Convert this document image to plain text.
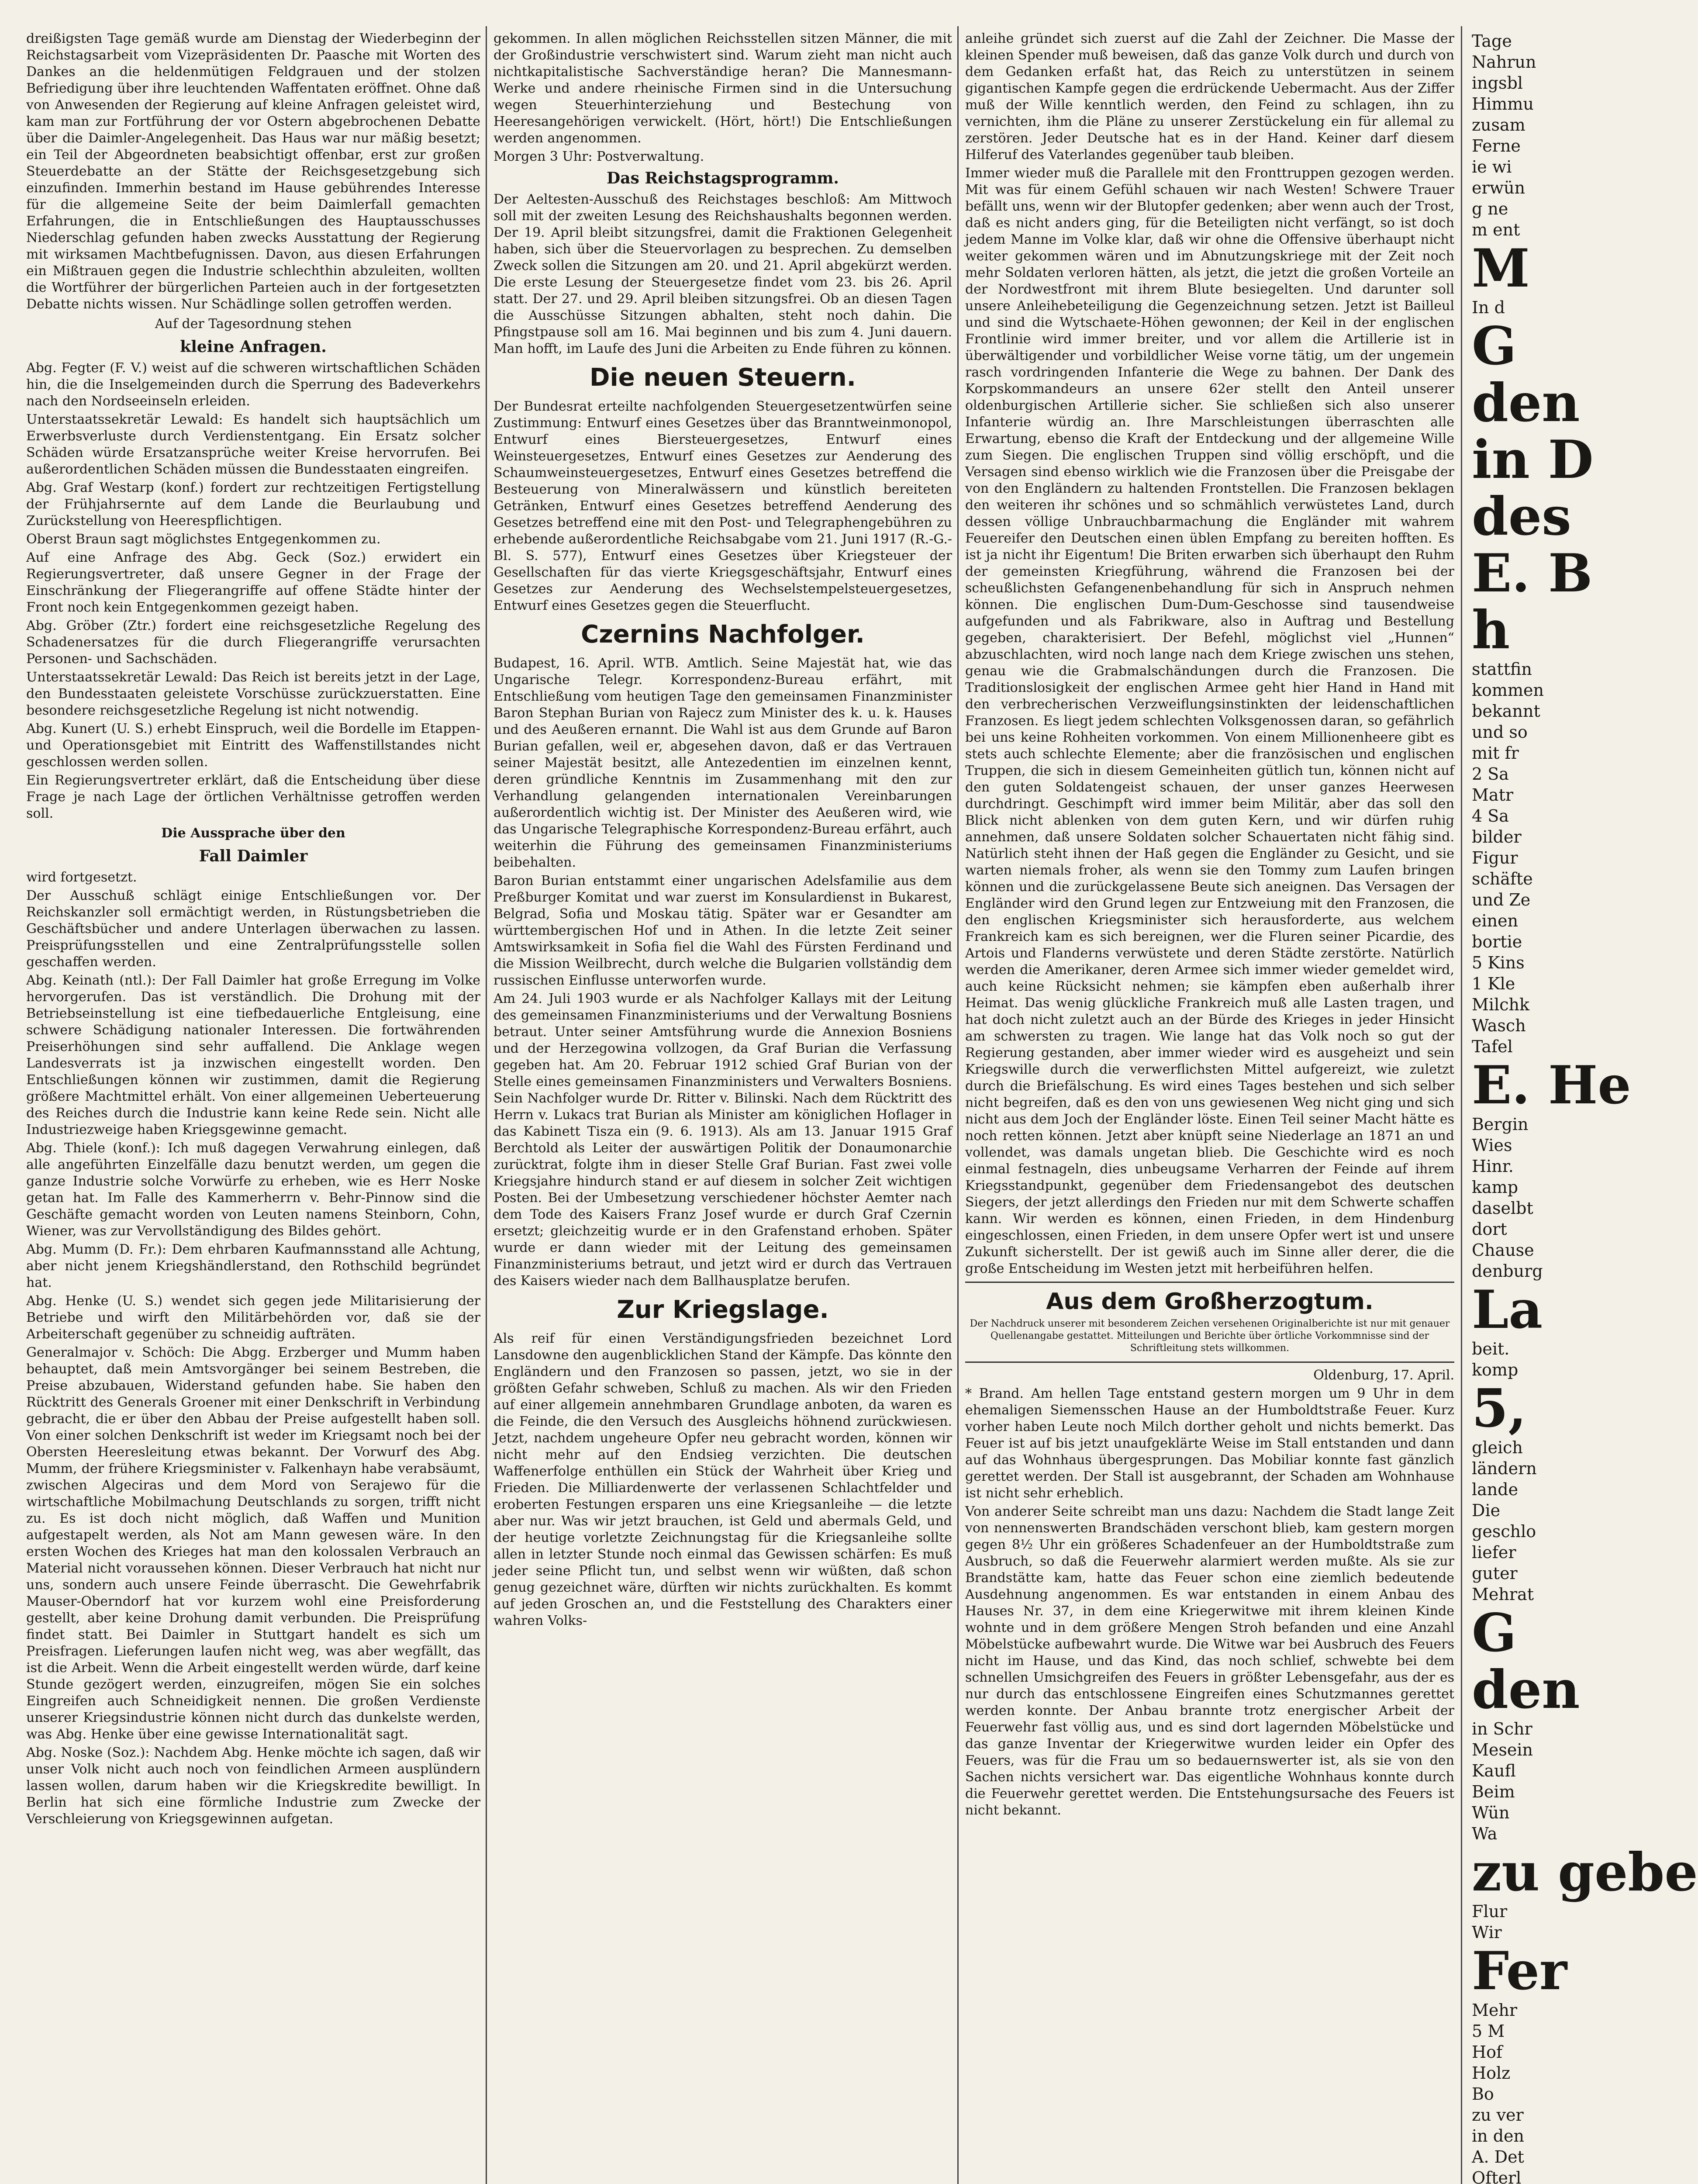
dreißigsten Tage gemäß wurde am Dienstag der Wiederbeginn der Reichstagsarbeit vom Vizepräsidenten Dr. Paasche mit Worten des Dankes an die heldenmütigen Feldgrauen und der stolzen Befriedigung über ihre leuchtenden Waffentaten eröffnet. Ohne daß von Anwesenden der Regierung auf kleine Anfragen geleistet wird, kam man zur Fortführung der vor Ostern abgebrochenen Debatte über die Daimler-Angelegenheit. Das Haus war nur mäßig besetzt; ein Teil der Abgeordneten beabsichtigt offenbar, erst zur großen Steuerdebatte an der Stätte der Reichsgesetzgebung sich einzufinden. Immerhin bestand im Hause gebührendes Interesse für die allgemeine Seite der beim Daimlerfall gemachten Erfahrungen, die in Entschließungen des Hauptausschusses Niederschlag gefunden haben zwecks Ausstattung der Regierung mit wirksamen Machtbefugnissen. Davon, aus diesen Erfahrungen ein Mißtrauen gegen die Industrie schlechthin abzuleiten, wollten die Wortführer der bürgerlichen Parteien auch in der fortgesetzten Debatte nichts wissen. Nur Schädlinge sollen getroffen werden.

Auf der Tagesordnung stehen

kleine Anfragen.

Abg. Fegter (F. V.) weist auf die schweren wirtschaftlichen Schäden hin, die die Inselgemeinden durch die Sperrung des Badeverkehrs nach den Nordseeinseln erleiden.

Unterstaatssekretär Lewald: Es handelt sich hauptsächlich um Erwerbsverluste durch Verdienstentgang. Ein Ersatz solcher Schäden würde Ersatzansprüche weiter Kreise hervorrufen. Bei außerordentlichen Schäden müssen die Bundesstaaten eingreifen.

Abg. Graf Westarp (konf.) fordert zur rechtzeitigen Fertigstellung der Frühjahrsernte auf dem Lande die Beurlaubung und Zurückstellung von Heerespflichtigen.

Oberst Braun sagt möglichstes Entgegenkommen zu.

Auf eine Anfrage des Abg. Geck (Soz.) erwidert ein Regierungsvertreter, daß unsere Gegner in der Frage der Einschränkung der Fliegerangriffe auf offene Städte hinter der Front noch kein Entgegenkommen gezeigt haben.

Abg. Gröber (Ztr.) fordert eine reichsgesetzliche Regelung des Schadenersatzes für die durch Fliegerangriffe verursachten Personen- und Sachschäden.

Unterstaatssekretär Lewald: Das Reich ist bereits jetzt in der Lage, den Bundesstaaten geleistete Vorschüsse zurückzuerstatten. Eine besondere reichsgesetzliche Regelung ist nicht notwendig.

Abg. Kunert (U. S.) erhebt Einspruch, weil die Bordelle im Etappen- und Operationsgebiet mit Eintritt des Waffenstillstandes nicht geschlossen werden sollen.

Ein Regierungsvertreter erklärt, daß die Entscheidung über diese Frage je nach Lage der örtlichen Verhältnisse getroffen werden soll.

Die Aussprache über den

Fall Daimler

wird fortgesetzt.

Der Ausschuß schlägt einige Entschließungen vor. Der Reichskanzler soll ermächtigt werden, in Rüstungsbetrieben die Geschäftsbücher und andere Unterlagen überwachen zu lassen. Preisprüfungsstellen und eine Zentralprüfungsstelle sollen geschaffen werden.

Abg. Keinath (ntl.): Der Fall Daimler hat große Erregung im Volke hervorgerufen. Das ist verständlich. Die Drohung mit der Betriebseinstellung ist eine tiefbedauerliche Entgleisung, eine schwere Schädigung nationaler Interessen. Die fortwährenden Preiserhöhungen sind sehr auffallend. Die Anklage wegen Landesverrats ist ja inzwischen eingestellt worden. Den Entschließungen können wir zustimmen, damit die Regierung größere Machtmittel erhält. Von einer allgemeinen Ueberteuerung des Reiches durch die Industrie kann keine Rede sein. Nicht alle Industriezweige haben Kriegsgewinne gemacht.

Abg. Thiele (konf.): Ich muß dagegen Verwahrung einlegen, daß alle angeführten Einzelfälle dazu benutzt werden, um gegen die ganze Industrie solche Vorwürfe zu erheben, wie es Herr Noske getan hat. Im Falle des Kammerherrn v. Behr-Pinnow sind die Geschäfte gemacht worden von Leuten namens Steinborn, Cohn, Wiener, was zur Vervollständigung des Bildes gehört.

Abg. Mumm (D. Fr.): Dem ehrbaren Kaufmannsstand alle Achtung, aber nicht jenem Kriegshändlerstand, den Rothschild begründet hat.

Abg. Henke (U. S.) wendet sich gegen jede Militarisierung der Betriebe und wirft den Militärbehörden vor, daß sie der Arbeiterschaft gegenüber zu schneidig aufträten.

Generalmajor v. Schöch: Die Abgg. Erzberger und Mumm haben behauptet, daß mein Amtsvorgänger bei seinem Bestreben, die Preise abzubauen, Widerstand gefunden habe. Sie haben den Rücktritt des Generals Groener mit einer Denkschrift in Verbindung gebracht, die er über den Abbau der Preise aufgestellt haben soll. Von einer solchen Denkschrift ist weder im Kriegsamt noch bei der Obersten Heeresleitung etwas bekannt. Der Vorwurf des Abg. Mumm, der frühere Kriegsminister v. Falkenhayn habe verabsäumt, zwischen Algeciras und dem Mord von Serajewo für die wirtschaftliche Mobilmachung Deutschlands zu sorgen, trifft nicht zu. Es ist doch nicht möglich, daß Waffen und Munition aufgestapelt werden, als Not am Mann gewesen wäre. In den ersten Wochen des Krieges hat man den kolossalen Verbrauch an Material nicht voraussehen können. Dieser Verbrauch hat nicht nur uns, sondern auch unsere Feinde überrascht. Die Gewehrfabrik Mauser-Oberndorf hat vor kurzem wohl eine Preisforderung gestellt, aber keine Drohung damit verbunden. Die Preisprüfung findet statt. Bei Daimler in Stuttgart handelt es sich um Preisfragen. Lieferungen laufen nicht weg, was aber wegfällt, das ist die Arbeit. Wenn die Arbeit eingestellt werden würde, darf keine Stunde gezögert werden, einzugreifen, mögen Sie ein solches Eingreifen auch Schneidigkeit nennen. Die großen Verdienste unserer Kriegsindustrie können nicht durch das dunkelste werden, was Abg. Henke über eine gewisse Internationalität sagt.

Abg. Noske (Soz.): Nachdem Abg. Henke möchte ich sagen, daß wir unser Volk nicht auch noch von feindlichen Armeen ausplündern lassen wollen, darum haben wir die Kriegskredite bewilligt. In Berlin hat sich eine förmliche Industrie zum Zwecke der Verschleierung von Kriegsgewinnen aufgetan.

gekommen. In allen möglichen Reichsstellen sitzen Männer, die mit der Großindustrie verschwistert sind. Warum zieht man nicht auch nichtkapitalistische Sachverständige heran? Die Mannesmann-Werke und andere rheinische Firmen sind in die Untersuchung wegen Steuerhinterziehung und Bestechung von Heeresangehörigen verwickelt. (Hört, hört!) Die Entschließungen werden angenommen.

Morgen 3 Uhr: Postverwaltung.

Das Reichstagsprogramm.

Der Aeltesten-Ausschuß des Reichstages beschloß: Am Mittwoch soll mit der zweiten Lesung des Reichshaushalts begonnen werden. Der 19. April bleibt sitzungsfrei, damit die Fraktionen Gelegenheit haben, sich über die Steuervorlagen zu besprechen. Zu demselben Zweck sollen die Sitzungen am 20. und 21. April abgekürzt werden. Die erste Lesung der Steuergesetze findet vom 23. bis 26. April statt. Der 27. und 29. April bleiben sitzungsfrei. Ob an diesen Tagen die Ausschüsse Sitzungen abhalten, steht noch dahin. Die Pfingstpause soll am 16. Mai beginnen und bis zum 4. Juni dauern. Man hofft, im Laufe des Juni die Arbeiten zu Ende führen zu können.

Die neuen Steuern.

Der Bundesrat erteilte nachfolgenden Steuergesetzentwürfen seine Zustimmung: Entwurf eines Gesetzes über das Branntweinmonopol, Entwurf eines Biersteuergesetzes, Entwurf eines Weinsteuergesetzes, Entwurf eines Gesetzes zur Aenderung des Schaumweinsteuergesetzes, Entwurf eines Gesetzes betreffend die Besteuerung von Mineralwässern und künstlich bereiteten Getränken, Entwurf eines Gesetzes betreffend Aenderung des Gesetzes betreffend eine mit den Post- und Telegraphengebühren zu erhebende außerordentliche Reichsabgabe vom 21. Juni 1917 (R.-G.-Bl. S. 577), Entwurf eines Gesetzes über Kriegsteuer der Gesellschaften für das vierte Kriegsgeschäftsjahr, Entwurf eines Gesetzes zur Aenderung des Wechselstempelsteuergesetzes, Entwurf eines Gesetzes gegen die Steuerflucht.

Czernins Nachfolger.

Budapest, 16. April. WTB. Amtlich. Seine Majestät hat, wie das Ungarische Telegr. Korrespondenz-Bureau erfährt, mit Entschließung vom heutigen Tage den gemeinsamen Finanzminister Baron Stephan Burian von Rajecz zum Minister des k. u. k. Hauses und des Aeußeren ernannt. Die Wahl ist aus dem Grunde auf Baron Burian gefallen, weil er, abgesehen davon, daß er das Vertrauen seiner Majestät besitzt, alle Antezedentien im einzelnen kennt, deren gründliche Kenntnis im Zusammenhang mit den zur Verhandlung gelangenden internationalen Vereinbarungen außerordentlich wichtig ist. Der Minister des Aeußeren wird, wie das Ungarische Telegraphische Korrespondenz-Bureau erfährt, auch weiterhin die Führung des gemeinsamen Finanzministeriums beibehalten.

Baron Burian entstammt einer ungarischen Adelsfamilie aus dem Preßburger Komitat und war zuerst im Konsulardienst in Bukarest, Belgrad, Sofia und Moskau tätig. Später war er Gesandter am württembergischen Hof und in Athen. In die letzte Zeit seiner Amtswirksamkeit in Sofia fiel die Wahl des Fürsten Ferdinand und die Mission Weilbrecht, durch welche die Bulgarien vollständig dem russischen Einflusse unterworfen wurde.

Am 24. Juli 1903 wurde er als Nachfolger Kallays mit der Leitung des gemeinsamen Finanzministeriums und der Verwaltung Bosniens betraut. Unter seiner Amtsführung wurde die Annexion Bosniens und der Herzegowina vollzogen, da Graf Burian die Verfassung gegeben hat. Am 20. Februar 1912 schied Graf Burian von der Stelle eines gemeinsamen Finanzministers und Verwalters Bosniens. Sein Nachfolger wurde Dr. Ritter v. Bilinski. Nach dem Rücktritt des Herrn v. Lukacs trat Burian als Minister am königlichen Hoflager in das Kabinett Tisza ein (9. 6. 1913). Als am 13. Januar 1915 Graf Berchtold als Leiter der auswärtigen Politik der Donaumonarchie zurücktrat, folgte ihm in dieser Stelle Graf Burian. Fast zwei volle Kriegsjahre hindurch stand er auf diesem in solcher Zeit wichtigen Posten. Bei der Umbesetzung verschiedener höchster Aemter nach dem Tode des Kaisers Franz Josef wurde er durch Graf Czernin ersetzt; gleichzeitig wurde er in den Grafenstand erhoben. Später wurde er dann wieder mit der Leitung des gemeinsamen Finanzministeriums betraut, und jetzt wird er durch das Vertrauen des Kaisers wieder nach dem Ballhausplatze berufen.

Zur Kriegslage.

Als reif für einen Verständigungsfrieden bezeichnet Lord Lansdowne den augenblicklichen Stand der Kämpfe. Das könnte den Engländern und den Franzosen so passen, jetzt, wo sie in der größten Gefahr schweben, Schluß zu machen. Als wir den Frieden auf einer allgemein annehmbaren Grundlage anboten, da waren es die Feinde, die den Versuch des Ausgleichs höhnend zurückwiesen. Jetzt, nachdem ungeheure Opfer neu gebracht worden, können wir nicht mehr auf den Endsieg verzichten. Die deutschen Waffenerfolge enthüllen ein Stück der Wahrheit über Krieg und Frieden. Die Milliardenwerte der verlassenen Schlachtfelder und eroberten Festungen ersparen uns eine Kriegsanleihe — die letzte aber nur. Was wir jetzt brauchen, ist Geld und abermals Geld, und der heutige vorletzte Zeichnungstag für die Kriegsanleihe sollte allen in letzter Stunde noch einmal das Gewissen schärfen: Es muß jeder seine Pflicht tun, und selbst wenn wir wüßten, daß schon genug gezeichnet wäre, dürften wir nichts zurückhalten. Es kommt auf jeden Groschen an, und die Feststellung des Charakters einer wahren Volks-

anleihe gründet sich zuerst auf die Zahl der Zeichner. Die Masse der kleinen Spender muß beweisen, daß das ganze Volk durch und durch von dem Gedanken erfaßt hat, das Reich zu unterstützen in seinem gigantischen Kampfe gegen die erdrückende Uebermacht. Aus der Ziffer muß der Wille kenntlich werden, den Feind zu schlagen, ihn zu vernichten, ihm die Pläne zu unserer Zerstückelung ein für allemal zu zerstören. Jeder Deutsche hat es in der Hand. Keiner darf diesem Hilferuf des Vaterlandes gegenüber taub bleiben.

Immer wieder muß die Parallele mit den Fronttruppen gezogen werden. Mit was für einem Gefühl schauen wir nach Westen! Schwere Trauer befällt uns, wenn wir der Blutopfer gedenken; aber wenn auch der Trost, daß es nicht anders ging, für die Beteiligten nicht verfängt, so ist doch jedem Manne im Volke klar, daß wir ohne die Offensive überhaupt nicht weiter gekommen wären und im Abnutzungskriege mit der Zeit noch mehr Soldaten verloren hätten, als jetzt, die jetzt die großen Vorteile an der Nordwestfront mit ihrem Blute besiegelten. Und darunter soll unsere Anleihebeteiligung die Gegenzeichnung setzen. Jetzt ist Bailleul und sind die Wytschaete-Höhen gewonnen; der Keil in der englischen Frontlinie wird immer breiter, und vor allem die Artillerie ist in überwältigender und vorbildlicher Weise vorne tätig, um der ungemein rasch vordringenden Infanterie die Wege zu bahnen. Der Dank des Korpskommandeurs an unsere 62er stellt den Anteil unserer oldenburgischen Artillerie sicher. Sie schließen sich also unserer Infanterie würdig an. Ihre Marschleistungen überraschten alle Erwartung, ebenso die Kraft der Entdeckung und der allgemeine Wille zum Siegen. Die englischen Truppen sind völlig erschöpft, und die Versagen sind ebenso wirklich wie die Franzosen über die Preisgabe der von den Engländern zu haltenden Frontstellen. Die Franzosen beklagen den weiteren ihr schönes und so schmählich verwüstetes Land, durch dessen völlige Unbrauchbarmachung die Engländer mit wahrem Feuereifer den Deutschen einen üblen Empfang zu bereiten hofften. Es ist ja nicht ihr Eigentum! Die Briten erwarben sich überhaupt den Ruhm der gemeinsten Kriegführung, während die Franzosen bei der scheußlichsten Gefangenenbehandlung für sich in Anspruch nehmen können. Die englischen Dum-Dum-Geschosse sind tausendweise aufgefunden und als Fabrikware, also in Auftrag und Bestellung gegeben, charakterisiert. Der Befehl, möglichst viel „Hunnen“ abzuschlachten, wird noch lange nach dem Kriege zwischen uns stehen, genau wie die Grabmalschändungen durch die Franzosen. Die Traditionslosigkeit der englischen Armee geht hier Hand in Hand mit den verbrecherischen Verzweiflungsinstinkten der leidenschaftlichen Franzosen. Es liegt jedem schlechten Volksgenossen daran, so gefährlich bei uns keine Rohheiten vorkommen. Von einem Millionenheere gibt es stets auch schlechte Elemente; aber die französischen und englischen Truppen, die sich in diesem Gemeinheiten gütlich tun, können nicht auf den guten Soldatengeist schauen, der unser ganzes Heerwesen durchdringt. Geschimpft wird immer beim Militär, aber das soll den Blick nicht ablenken von dem guten Kern, und wir dürfen ruhig annehmen, daß unsere Soldaten solcher Schauertaten nicht fähig sind. Natürlich steht ihnen der Haß gegen die Engländer zu Gesicht, und sie warten niemals froher, als wenn sie den Tommy zum Laufen bringen können und die zurückgelassene Beute sich aneignen. Das Versagen der Engländer wird den Grund legen zur Entzweiung mit den Franzosen, die den englischen Kriegsminister sich herausforderte, aus welchem Frankreich kam es sich bereignen, wer die Fluren seiner Picardie, des Artois und Flanderns verwüstete und deren Städte zerstörte. Natürlich werden die Amerikaner, deren Armee sich immer wieder gemeldet wird, auch keine Rücksicht nehmen; sie kämpfen eben außerhalb ihrer Heimat. Das wenig glückliche Frankreich muß alle Lasten tragen, und hat doch nicht zuletzt auch an der Bürde des Krieges in jeder Hinsicht am schwersten zu tragen. Wie lange hat das Volk noch so gut der Regierung gestanden, aber immer wieder wird es ausgeheizt und sein Kriegswille durch die verwerflichsten Mittel aufgereizt, wie zuletzt durch die Briefälschung. Es wird eines Tages bestehen und sich selber nicht begreifen, daß es den von uns gewiesenen Weg nicht ging und sich nicht aus dem Joch der Engländer löste. Einen Teil seiner Macht hätte es noch retten können. Jetzt aber knüpft seine Niederlage an 1871 an und vollendet, was damals ungetan blieb. Die Geschichte wird es noch einmal festnageln, dies unbeugsame Verharren der Feinde auf ihrem Kriegsstandpunkt, gegenüber dem Friedensangebot des deutschen Siegers, der jetzt allerdings den Frieden nur mit dem Schwerte schaffen kann. Wir werden es können, einen Frieden, in dem Hindenburg eingeschlossen, einen Frieden, in dem unsere Opfer wert ist und unsere Zukunft sicherstellt. Der ist gewiß auch im Sinne aller derer, die die große Entscheidung im Westen jetzt mit herbeiführen helfen.

Aus dem Großherzogtum.

Der Nachdruck unserer mit besonderem Zeichen versehenen Originalberichte ist nur mit genauer Quellenangabe gestattet. Mitteilungen und Berichte über örtliche Vorkommnisse sind der Schriftleitung stets willkommen.

Oldenburg, 17. April.

* Brand. Am hellen Tage entstand gestern morgen um 9 Uhr in dem ehemaligen Siemensschen Hause an der Humboldtstraße Feuer. Kurz vorher haben Leute noch Milch dorther geholt und nichts bemerkt. Das Feuer ist auf bis jetzt unaufgeklärte Weise im Stall entstanden und dann auf das Wohnhaus übergesprungen. Das Mobiliar konnte fast gänzlich gerettet werden. Der Stall ist ausgebrannt, der Schaden am Wohnhause ist nicht sehr erheblich.

Von anderer Seite schreibt man uns dazu: Nachdem die Stadt lange Zeit von nennenswerten Brandschäden verschont blieb, kam gestern morgen gegen 8½ Uhr ein größeres Schadenfeuer an der Humboldtstraße zum Ausbruch, so daß die Feuerwehr alarmiert werden mußte. Als sie zur Brandstätte kam, hatte das Feuer schon eine ziemlich bedeutende Ausdehnung angenommen. Es war entstanden in einem Anbau des Hauses Nr. 37, in dem eine Kriegerwitwe mit ihrem kleinen Kinde wohnte und in dem größere Mengen Stroh befanden und eine Anzahl Möbelstücke aufbewahrt wurde. Die Witwe war bei Ausbruch des Feuers nicht im Hause, und das Kind, das noch schlief, schwebte bei dem schnellen Umsichgreifen des Feuers in größter Lebensgefahr, aus der es nur durch das entschlossene Eingreifen eines Schutzmannes gerettet werden konnte. Der Anbau brannte trotz energischer Arbeit der Feuerwehr fast völlig aus, und es sind dort lagernden Möbelstücke und das ganze Inventar der Kriegerwitwe wurden leider ein Opfer des Feuers, was für die Frau um so bedauernswerter ist, als sie von den Sachen nichts versichert war. Das eigentliche Wohnhaus konnte durch die Feuerwehr gerettet werden. Die Entstehungsursache des Feuers ist nicht bekannt.

Tage

Nahrun

ingsbl

Himmu

zusam

Ferne

ie wi

erwün

g ne

m ent

M

In d

G

den

in D

des

E. B

h

stattfin

kommen

bekannt

und so

mit fr

2 Sa

Matr

4 Sa

bilder

Figur

schäfte

und Ze

einen

bortie

5 Kins

1 Kle

Milchk

Wasch

Tafel

E. He

Bergin

Wies

Hinr.

kamp

daselbt

dort

Chause

denburg

La

beit.

komp

5,

gleich

ländern

lande

Die

geschlo

liefer

guter

Mehrat

G

den

in Schr

Mesein

Kaufl

Beim

Wün

Wa

zu gebe

Flur

Wir

Fer

Mehr

5 M

Hof

Holz

Bo

zu ver

in den

A. Det

Ofterl
